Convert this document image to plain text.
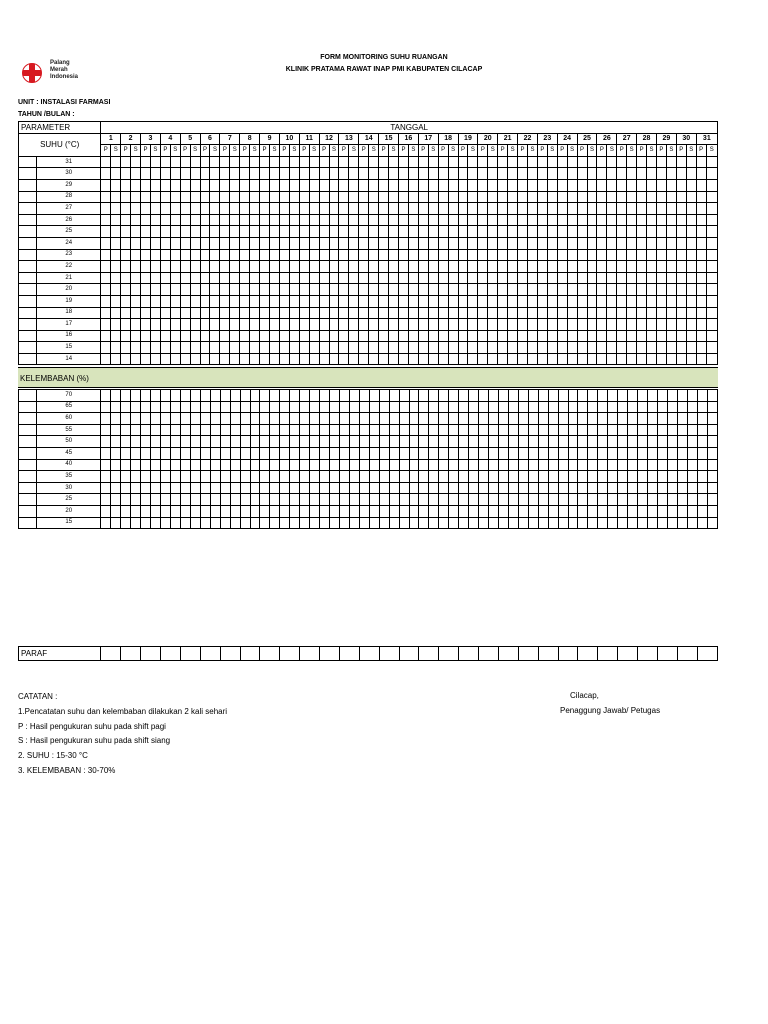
Palang
Merah
Indonesia
FORM MONITORING SUHU RUANGAN
KLINIK PRATAMA RAWAT INAP PMI KABUPATEN CILACAP
UNIT : INSTALASI FARMASI
TAHUN /BULAN :
PARAMETER		TANGGAL																																																													
SUHU (°C)		1		2		3		4		5		6		7		8		9		10		11		12		13		14		15		16		17		18		19		20		21		22		23		24		25		26		27		28		29		30		31	
		P	S	P	S	P	S	P	S	P	S	P	S	P	S	P	S	P	S	P	S	P	S	P	S	P	S	P	S	P	S	P	S	P	S	P	S	P	S	P	S	P	S	P	S	P	S	P	S	P	S	P	S	P	S	P	S	P	S	P	S	P	S
	31																																																														
	30																																																														
	29																																																														
	28																																																														
	27																																																														
	26																																																														
	25																																																														
	24																																																														
	23																																																														
	22																																																														
	21																																																														
	20																																																														
	19																																																														
	18																																																														
	17																																																														
	16																																																														
	15																																																														
	14																																																														
KELEMBABAN (%)
	70																																																														
	65																																																														
	60																																																														
	55																																																														
	50																																																														
	45																																																														
	40																																																														
	35																																																														
	30																																																														
	25																																																														
	20																																																														
	15																																																														
PARAF																															
CATATAN :
1.Pencatatan suhu dan kelembaban dilakukan 2 kali sehari
P : Hasil pengukuran suhu pada shift pagi
S : Hasil pengukuran suhu pada shift siang
2. SUHU : 15-30 °C
3. KELEMBABAN : 30-70%
Cilacap,
Penaggung Jawab/ Petugas
